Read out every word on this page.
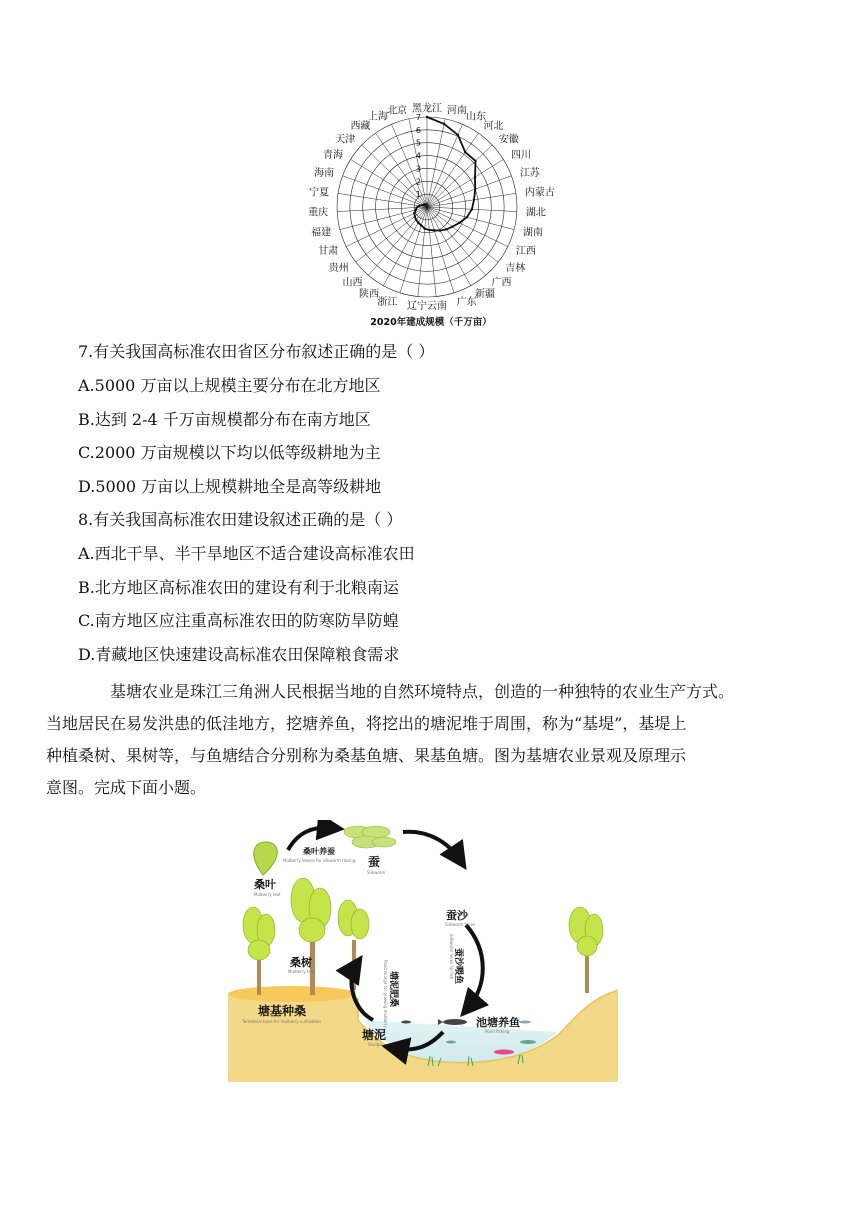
1
2
3
4
5
6
7
黑龙江 河南
山东
河北
安徽
四川
江苏
内蒙古
湖北
湖南
江西
吉林
广西
新疆
广东
云南
辽宁
浙江
陕西
山西
贵州
甘肃
福建
重庆
宁夏
海南
青海
天津
西藏
上海
北京
2020年建成规模（千万亩）
7.有关我国高标准农田省区分布叙述正确的是（ ）
A.5000 万亩以上规模主要分布在北方地区
B.达到 2-4 千万亩规模都分布在南方地区
C.2000 万亩规模以下均以低等级耕地为主
D.5000 万亩以上规模耕地全是高等级耕地
8.有关我国高标准农田建设叙述正确的是（ ）
A.西北干旱、半干旱地区不适合建设高标准农田
B.北方地区高标准农田的建设有利于北粮南运
C.南方地区应注重高标准农田的防寒防旱防蝗
D.青藏地区快速建设高标准农田保障粮食需求
基塘农业是珠江三角洲人民根据当地的自然环境特点，创造的一种独特的农业生产方式。
当地居民在易发洪患的低洼地方，挖塘养鱼，将挖出的塘泥堆于周围，称为“基堤”，基堤上
种植桑树、果树等，与鱼塘结合分别称为桑基鱼塘、果基鱼塘。图为基塘农业景观及原理示
意图。完成下面小题。
桑叶
Mulberry leaf
桑叶养蚕
Mulberry leaves for silkworm raising 蚕
Silkworm
蚕沙
Silkworm feces
蚕沙喂鱼
Silkworm feces for fish
桑树
Mulberry tree	塘泥肥桑
Pond sludge for growing mulberry
塘基种桑
Terrestrial base for mulberry cultivation
塘泥
Sludge
池塘养鱼
Pond fishing
